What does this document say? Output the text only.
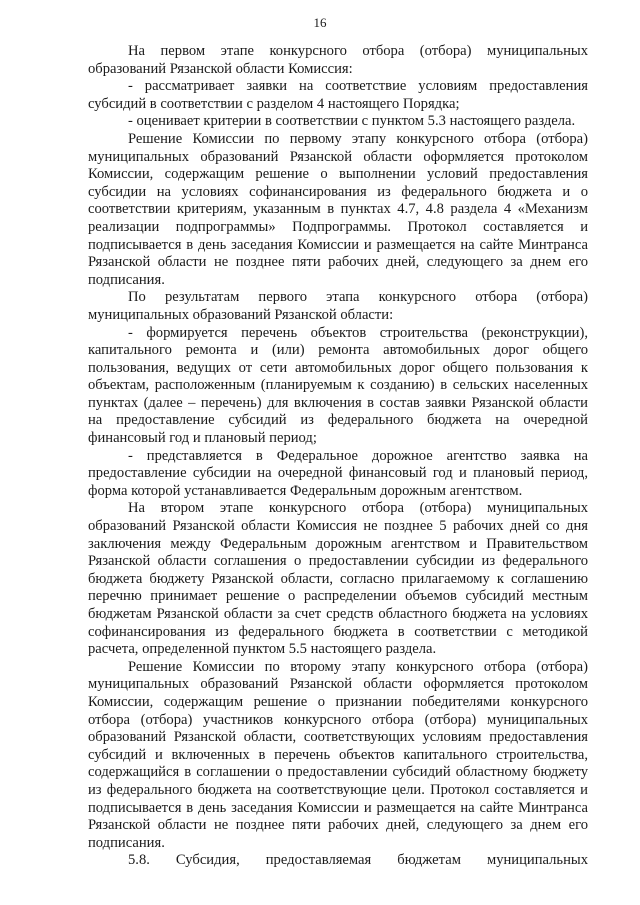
16

На первом этапе конкурсного отбора (отбора) муниципальных образований Рязанской области Комиссия:

- рассматривает заявки на соответствие условиям предоставления субсидий в соответствии с разделом 4 настоящего Порядка;

- оценивает критерии в соответствии с пунктом 5.3 настоящего раздела.

Решение Комиссии по первому этапу конкурсного отбора (отбора) муниципальных образований Рязанской области оформляется протоколом Комиссии, содержащим решение о выполнении условий предоставления субсидии на условиях софинансирования из федерального бюджета и о соответствии критериям, указанным в пунктах 4.7, 4.8 раздела 4 «Механизм реализации подпрограммы» Подпрограммы. Протокол составляется и подписывается в день заседания Комиссии и размещается на сайте Минтранса Рязанской области не позднее пяти рабочих дней, следующего за днем его подписания.

По результатам первого этапа конкурсного отбора (отбора) муниципальных образований Рязанской области:

- формируется перечень объектов строительства (реконструкции), капитального ремонта и (или) ремонта автомобильных дорог общего пользования, ведущих от сети автомобильных дорог общего пользования к объектам, расположенным (планируемым к созданию) в сельских населенных пунктах (далее – перечень) для включения в состав заявки Рязанской области на предоставление субсидий из федерального бюджета на очередной финансовый год и плановый период;

- представляется в Федеральное дорожное агентство заявка на предоставление субсидии на очередной финансовый год и плановый период, форма которой устанавливается Федеральным дорожным агентством.

На втором этапе конкурсного отбора (отбора) муниципальных образований Рязанской области Комиссия не позднее 5 рабочих дней со дня заключения между Федеральным дорожным агентством и Правительством Рязанской области соглашения о предоставлении субсидии из федерального бюджета бюджету Рязанской области, согласно прилагаемому к соглашению перечню принимает решение о распределении объемов субсидий местным бюджетам Рязанской области за счет средств областного бюджета на условиях софинансирования из федерального бюджета в соответствии с методикой расчета, определенной пунктом 5.5 настоящего раздела.

Решение Комиссии по второму этапу конкурсного отбора (отбора) муниципальных образований Рязанской области оформляется протоколом Комиссии, содержащим решение о признании победителями конкурсного отбора (отбора) участников конкурсного отбора (отбора) муниципальных образований Рязанской области, соответствующих условиям предоставления субсидий и включенных в перечень объектов капитального строительства, содержащийся в соглашении о предоставлении субсидий областному бюджету из федерального бюджета на соответствующие цели. Протокол составляется и подписывается в день заседания Комиссии и размещается на сайте Минтранса Рязанской области не позднее пяти рабочих дней, следующего за днем его подписания.

5.8. Субсидия, предоставляемая бюджетам муниципальных
